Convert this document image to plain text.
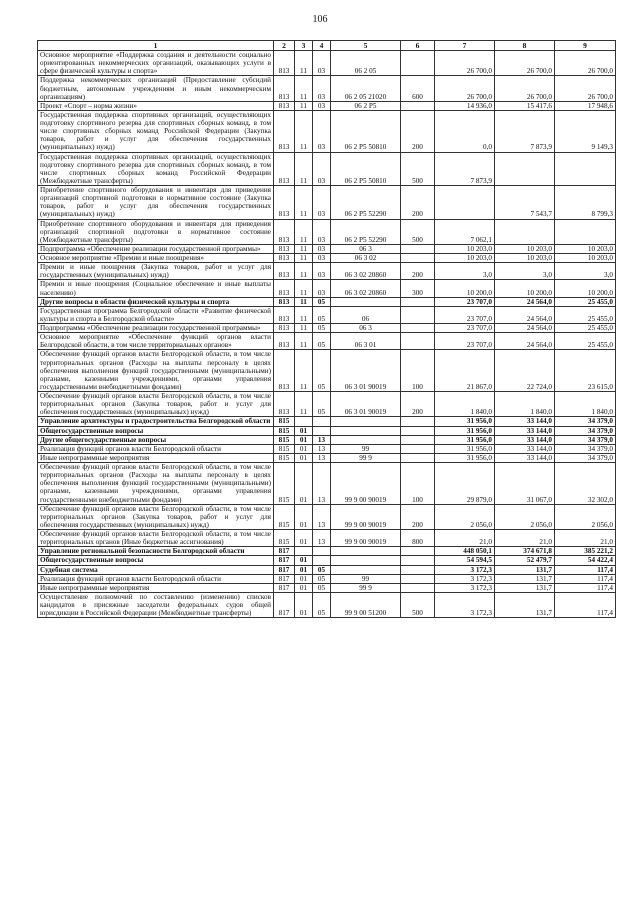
106
1	2	3	4	5	6	7	8	9
Основное мероприятие «Поддержка создания и деятельности социально ориентированных некоммерческих организаций, оказывающих услуги в сфере физической культуры и спорта»	813	11	03	06 2 05		26 700,0	26 700,0	26 700,0
Поддержка некоммерческих организаций (Предоставление субсидий бюджетным, автономным учреждениям и иным некоммерческим организациям)	813	11	03	06 2 05 21020	600	26 700,0	26 700,0	26 700,0
Проект «Спорт – норма жизни»	813	11	03	06 2 P5		14 936,0	15 417,6	17 948,6
Государственная поддержка спортивных организаций, осуществляющих подготовку спортивного резерва для спортивных сборных команд, в том числе спортивных сборных команд Российской Федерации (Закупка товаров, работ и услуг для обеспечения государственных (муниципальных) нужд)	813	11	03	06 2 P5 50810	200	0,0	7 873,9	9 149,3
Государственная поддержка спортивных организаций, осуществляющих подготовку спортивного резерва для спортивных сборных команд, в том числе спортивных сборных команд Российской Федерации (Межбюджетные трансферты)	813	11	03	06 2 P5 50810	500	7 873,9		
Приобретение спортивного оборудования и инвентаря для приведения организаций спортивной подготовки в нормативное состояние (Закупка товаров, работ и услуг для обеспечения государственных (муниципальных) нужд)	813	11	03	06 2 P5 52290	200		7 543,7	8 799,3
Приобретение спортивного оборудования и инвентаря для приведения организаций спортивной подготовки в нормативное состояние (Межбюджетные трансферты)	813	11	03	06 2 P5 52290	500	7 062,1		
Подпрограмма «Обеспечение реализации государственной программы»	813	11	03	06 3		10 203,0	10 203,0	10 203,0
Основное мероприятие «Премии и иные поощрения»	813	11	03	06 3 02		10 203,0	10 203,0	10 203,0
Премии и иные поощрения (Закупка товаров, работ и услуг для государственных (муниципальных) нужд)	813	11	03	06 3 02 20860	200	3,0	3,0	3,0
Премии и иные поощрения (Социальное обеспечение и иные выплаты населению)	813	11	03	06 3 02 20860	300	10 200,0	10 200,0	10 200,0
Другие вопросы в области физической культуры и спорта	813	11	05			23 707,0	24 564,0	25 455,0
Государственная программа Белгородской области «Развитие физической культуры и спорта в Белгородской области»	813	11	05	06		23 707,0	24 564,0	25 455,0
Подпрограмма «Обеспечение реализации государственной программы»	813	11	05	06 3		23 707,0	24 564,0	25 455,0
Основное мероприятие «Обеспечение функций органов власти Белгородской области, в том числе территориальных органов»	813	11	05	06 3 01		23 707,0	24 564,0	25 455,0
Обеспечение функций органов власти Белгородской области, в том числе территориальных органов (Расходы на выплаты персоналу в целях обеспечения выполнения функций государственными (муниципальными) органами, казенными учреждениями, органами управления государственными внебюджетными фондами)	813	11	05	06 3 01 90019	100	21 867,0	22 724,0	23 615,0
Обеспечение функций органов власти Белгородской области, в том числе территориальных органов (Закупка товаров, работ и услуг для обеспечения государственных (муниципальных) нужд)	813	11	05	06 3 01 90019	200	1 840,0	1 840,0	1 840,0
Управление архитектуры и градостроительства Белгородской области	815					31 956,0	33 144,0	34 379,0
Общегосударственные вопросы	815	01				31 956,0	33 144,0	34 379,0
Другие общегосударственные вопросы	815	01	13			31 956,0	33 144,0	34 379,0
Реализация функций органов власти Белгородской области	815	01	13	99		31 956,0	33 144,0	34 379,0
Иные непрограммные мероприятия	815	01	13	99 9		31 956,0	33 144,0	34 379,0
Обеспечение функций органов власти Белгородской области, в том числе территориальных органов (Расходы на выплаты персоналу в целях обеспечения выполнения функций государственными (муниципальными) органами, казенными учреждениями, органами управления государственными внебюджетными фондами)	815	01	13	99 9 00 90019	100	29 879,0	31 067,0	32 302,0
Обеспечение функций органов власти Белгородской области, в том числе территориальных органов (Закупка товаров, работ и услуг для обеспечения государственных (муниципальных) нужд)	815	01	13	99 9 00 90019	200	2 056,0	2 056,0	2 056,0
Обеспечение функций органов власти Белгородской области, в том числе территориальных органов (Иные бюджетные ассигнования)	815	01	13	99 9 00 90019	800	21,0	21,0	21,0
Управление региональной безопасности Белгородской области	817					448 050,1	374 671,8	385 221,2
Общегосударственные вопросы	817	01				54 594,5	52 479,7	54 422,4
Судебная система	817	01	05			3 172,3	131,7	117,4
Реализация функций органов власти Белгородской области	817	01	05	99		3 172,3	131,7	117,4
Иные непрограммные мероприятия	817	01	05	99 9		3 172,3	131,7	117,4
Осуществление полномочий по составлению (изменению) списков кандидатов в присяжные заседатели федеральных судов общей юрисдикции в Российской Федерации (Межбюджетные трансферты)	817	01	05	99 9 00 51200	500	3 172,3	131,7	117,4
